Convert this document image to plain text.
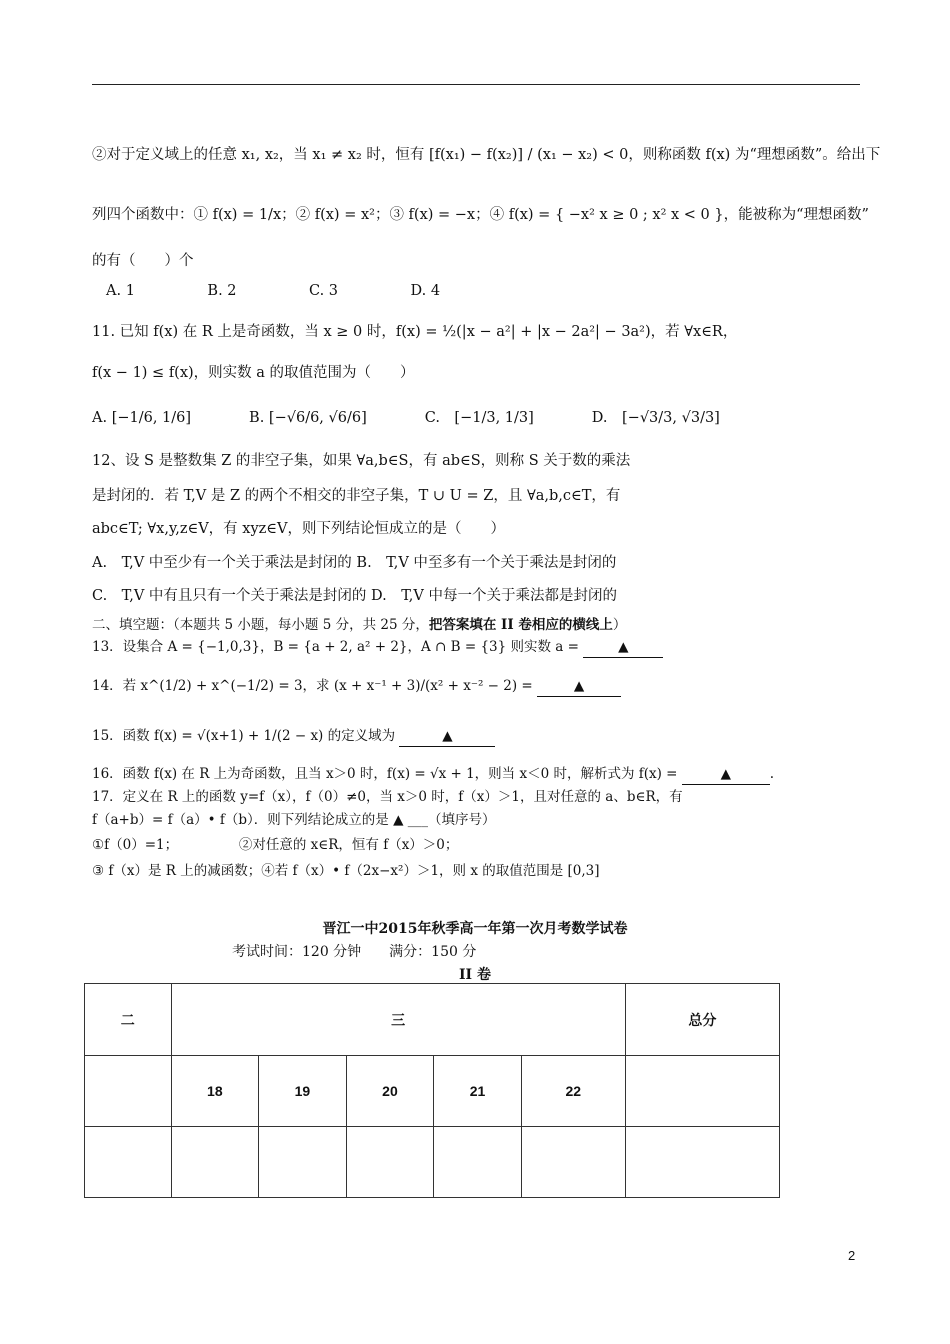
②对于定义域上的任意 x₁, x₂，当 x₁ ≠ x₂ 时，恒有 [f(x₁) − f(x₂)] / (x₁ − x₂) < 0，则称函数 f(x) 为“理想函数”。给出下
列四个函数中：① f(x) = 1/x；② f(x) = x²；③ f(x) = −x；④ f(x) = { −x² x ≥ 0 ; x² x < 0 }，能被称为“理想函数”
的有（　　）个
A. 1　　　　　B. 2　　　　　C. 3　　　　　D. 4
11. 已知 f(x) 在 R 上是奇函数，当 x ≥ 0 时，f(x) = ½(|x − a²| + |x − 2a²| − 3a²)，若 ∀x∈R，
f(x − 1) ≤ f(x)，则实数 a 的取值范围为（　　）
A. [−1/6, 1/6]　　　　B. [−√6/6, √6/6]　　　　C.　[−1/3, 1/3]　　　　D.　[−√3/3, √3/3]
12、设 S 是整数集 Z 的非空子集，如果 ∀a,b∈S，有 ab∈S，则称 S 关于数的乘法
是封闭的．若 T,V 是 Z 的两个不相交的非空子集，T ∪ U = Z，且 ∀a,b,c∈T，有
abc∈T; ∀x,y,z∈V，有 xyz∈V，则下列结论恒成立的是（　　）
A.　T,V 中至少有一个关于乘法是封闭的 B.　T,V 中至多有一个关于乘法是封闭的
C.　T,V 中有且只有一个关于乘法是封闭的 D.　T,V 中每一个关于乘法都是封闭的
二、填空题：（本题共 5 小题，每小题 5 分，共 25 分，把答案填在 II 卷相应的横线上）
13．设集合 A = {−1,0,3}，B = {a + 2, a² + 2}，A ∩ B = {3} 则实数 a =	▲
14．若 x^(1/2) + x^(−1/2) = 3，求 (x + x⁻¹ + 3)/(x² + x⁻² − 2) =	▲
15．函数 f(x) = √(x+1) + 1/(2 − x) 的定义域为	▲
16．函数 f(x) 在 R 上为奇函数，且当 x＞0 时，f(x) = √x + 1，则当 x＜0 时，解析式为 f(x) =	▲	.
17．定义在 R 上的函数 y=f（x），f（0）≠0，当 x＞0 时，f（x）＞1，且对任意的 a、b∈R，有
f（a+b）= f（a）• f（b）．则下列结论成立的是 ▲ ___（填序号）
①f（0）=1；　　　　　②对任意的 x∈R，恒有 f（x）＞0；
③ f（x）是 R 上的减函数；④若 f（x）• f（2x−x²）＞1，则 x 的取值范围是 [0,3]
晋江一中2015年秋季高一年第一次月考数学试卷
考试时间：120 分钟　　满分：150 分
II 卷
二	三					总分
	18	19	20	21	22	

2
